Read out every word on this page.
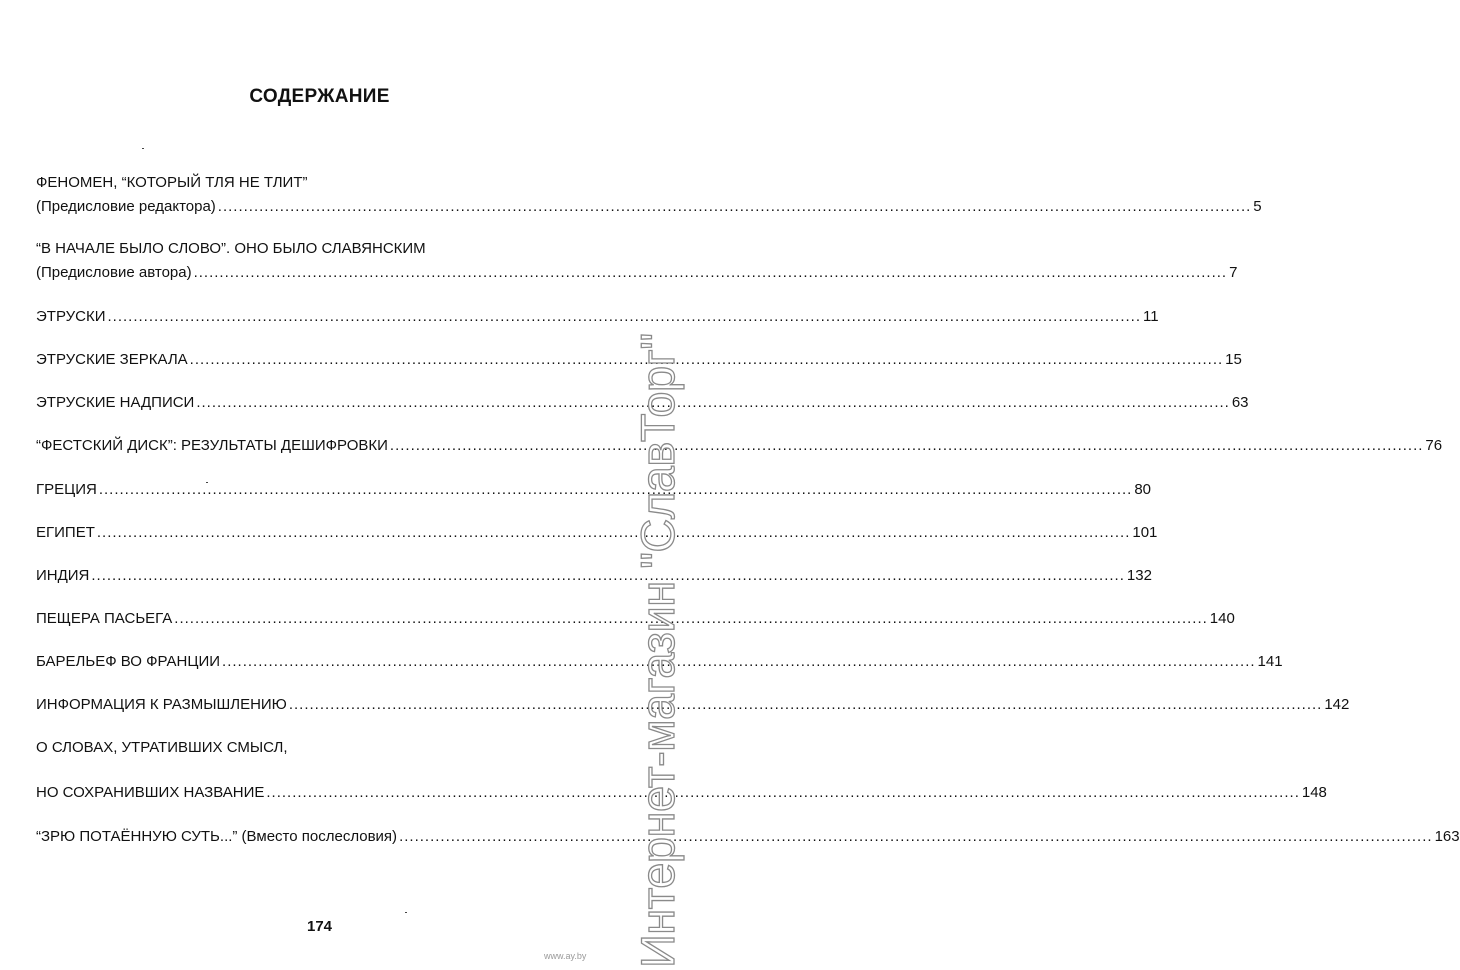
СОДЕРЖАНИЕ
ФЕНОМЕН, “КОТОРЫЙ ТЛЯ НЕ ТЛИТ”
(Предисловие редактора) .....	5
“В НАЧАЛЕ БЫЛО СЛОВО”. ОНО БЫЛО СЛАВЯНСКИМ
(Предисловие автора) .....	7
ЭТРУСКИ .....	11
ЭТРУСКИЕ ЗЕРКАЛА .....	15
ЭТРУСКИЕ НАДПИСИ .....	63
“ФЕСТСКИЙ ДИСК”: РЕЗУЛЬТАТЫ ДЕШИФРОВКИ .....	76
ГРЕЦИЯ .....	80
ЕГИПЕТ .....	101
ИНДИЯ .....	132
ПЕЩЕРА ПАСЬЕГА .....	140
БАРЕЛЬЕФ ВО ФРАНЦИИ .....	141
ИНФОРМАЦИЯ К РАЗМЫШЛЕНИЮ .....	142
О СЛОВАХ, УТРАТИВШИХ СМЫСЛ,
НО СОХРАНИВШИХ НАЗВАНИЕ .....	148
“ЗРЮ ПОТАЁННУЮ СУТЬ...” (Вместо послесловия) .....	163
174	Интернет-магазин "СлавТорг"
www.ay.by
